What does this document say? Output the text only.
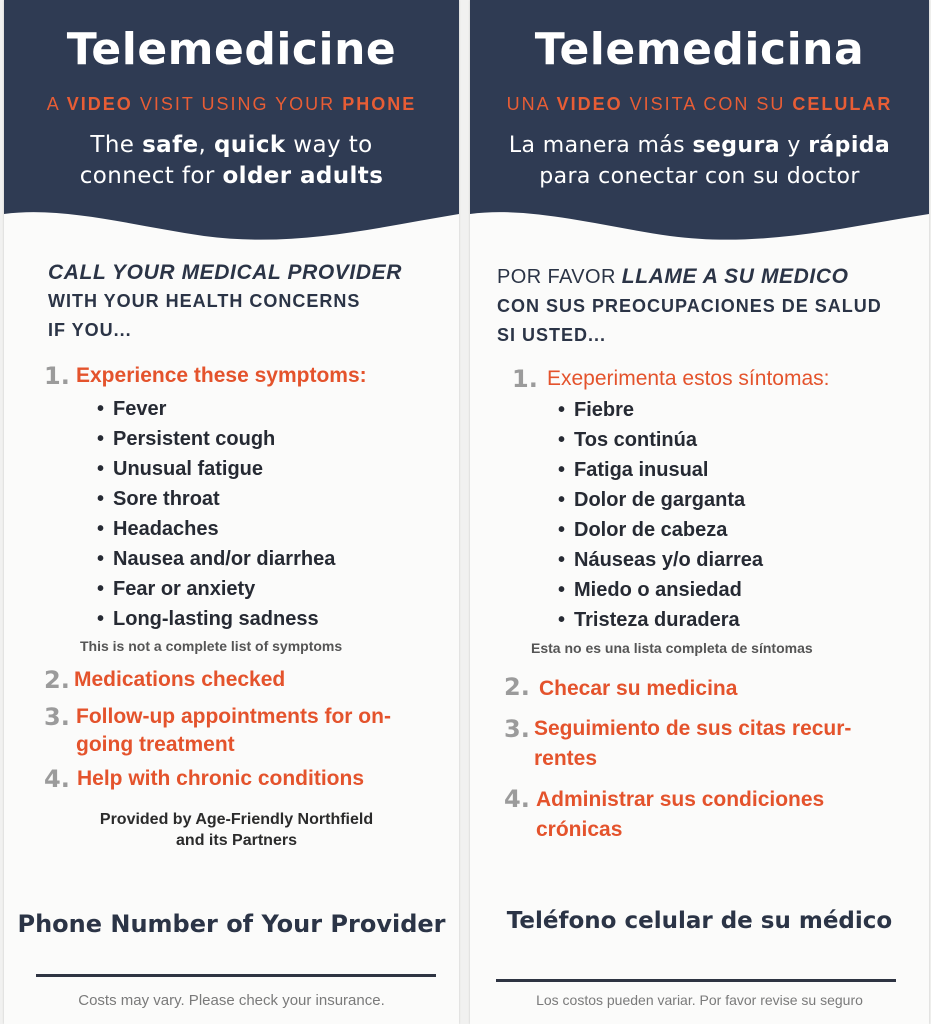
Telemedicine
A VIDEO VISIT USING YOUR PHONE
The safe, quick way to
connect for older adults
CALL YOUR MEDICAL PROVIDER
WITH YOUR HEALTH CONCERNS
IF YOU...
1. Experience these symptoms:
• Fever
• Persistent cough
• Unusual fatigue
• Sore throat
• Headaches
• Nausea and/or diarrhea
• Fear or anxiety
• Long-lasting sadness
This is not a complete list of symptoms
2. Medications checked
3. Follow-up appointments for on-going treatment
4. Help with chronic conditions
Provided by Age-Friendly Northfield
and its Partners
Phone Number of Your Provider
Costs may vary. Please check your insurance.
Telemedicina
UNA VIDEO VISITA CON SU CELULAR
La manera más segura y rápida
para conectar con su doctor
POR FAVOR LLAME A SU MEDICO
CON SUS PREOCUPACIONES DE SALUD
SI USTED...
1. Exeperimenta estos síntomas:
• Fiebre
• Tos continúa
• Fatiga inusual
• Dolor de garganta
• Dolor de cabeza
• Náuseas y/o diarrea
• Miedo o ansiedad
• Tristeza duradera
Esta no es una lista completa de síntomas
2. Checar su medicina
3. Seguimiento de sus citas recur-rentes
4. Administrar sus condiciones crónicas
Teléfono celular de su médico
Los costos pueden variar. Por favor revise su seguro
